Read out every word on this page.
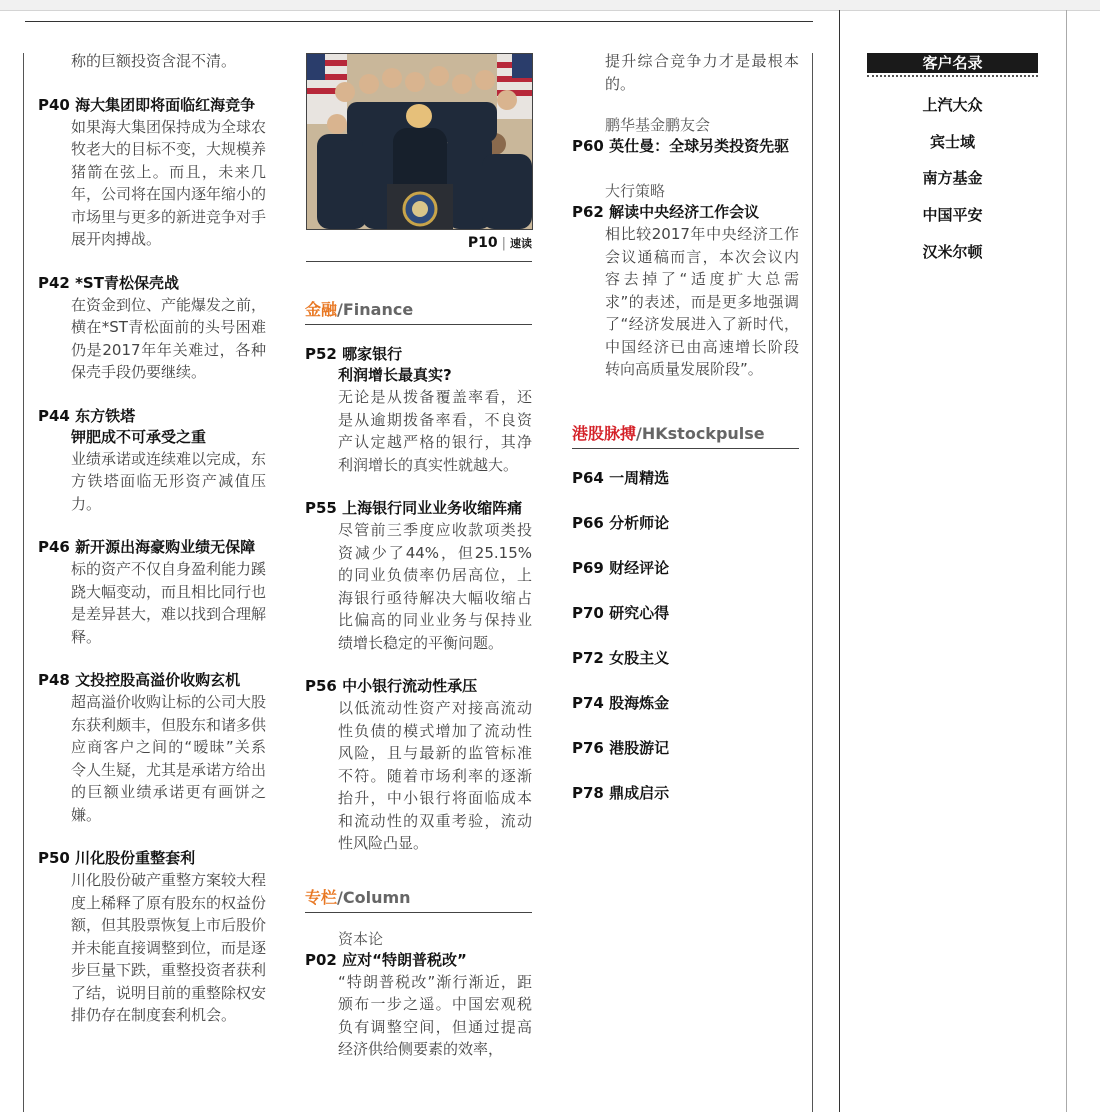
称的巨额投资含混不清。
P40 海大集团即将面临红海竞争
如果海大集团保持成为全球农牧老大的目标不变，大规模养猪箭在弦上。而且，未来几年，公司将在国内逐年缩小的市场里与更多的新进竞争对手展开肉搏战。
P42 *ST青松保壳战
在资金到位、产能爆发之前，横在*ST青松面前的头号困难仍是2017年年关难过，各种保壳手段仍要继续。
P44 东方铁塔
钾肥成不可承受之重
业绩承诺或连续难以完成，东方铁塔面临无形资产减值压力。
P46 新开源出海豪购业绩无保障
标的资产不仅自身盈利能力蹊跷大幅变动，而且相比同行也是差异甚大，难以找到合理解释。
P48 文投控股高溢价收购玄机
超高溢价收购让标的公司大股东获利颇丰，但股东和诸多供应商客户之间的“暧昧”关系令人生疑，尤其是承诺方给出的巨额业绩承诺更有画饼之嫌。
P50 川化股份重整套利
川化股份破产重整方案较大程度上稀释了原有股东的权益份额，但其股票恢复上市后股价并未能直接调整到位，而是逐步巨量下跌，重整投资者获利了结，说明目前的重整除权安排仍存在制度套利机会。
P10 | 速读
金融/Finance
P52 哪家银行
利润增长最真实?
无论是从拨备覆盖率看，还是从逾期拨备率看，不良资产认定越严格的银行，其净利润增长的真实性就越大。
P55 上海银行同业业务收缩阵痛
尽管前三季度应收款项类投资减少了44%，但25.15%的同业负债率仍居高位，上海银行亟待解决大幅收缩占比偏高的同业业务与保持业绩增长稳定的平衡问题。
P56 中小银行流动性承压
以低流动性资产对接高流动性负债的模式增加了流动性风险，且与最新的监管标准不符。随着市场利率的逐渐抬升，中小银行将面临成本和流动性的双重考验，流动性风险凸显。
专栏/Column
资本论
P02 应对“特朗普税改”
“特朗普税改”渐行渐近，距颁布一步之遥。中国宏观税负有调整空间，但通过提高经济供给侧要素的效率，
提升综合竞争力才是最根本的。
鹏华基金鹏友会
P60 英仕曼：全球另类投资先驱
大行策略
P62 解读中央经济工作会议
相比较2017年中央经济工作会议通稿而言，本次会议内容去掉了“适度扩大总需求”的表述，而是更多地强调了“经济发展进入了新时代，中国经济已由高速增长阶段转向高质量发展阶段”。
港股脉搏/HKstockpulse
P64 一周精选
P66 分析师论
P69 财经评论
P70 研究心得
P72 女股主义
P74 股海炼金
P76 港股游记
P78 鼎成启示
客户名录
上汽大众
宾士域
南方基金
中国平安
汉米尔顿
